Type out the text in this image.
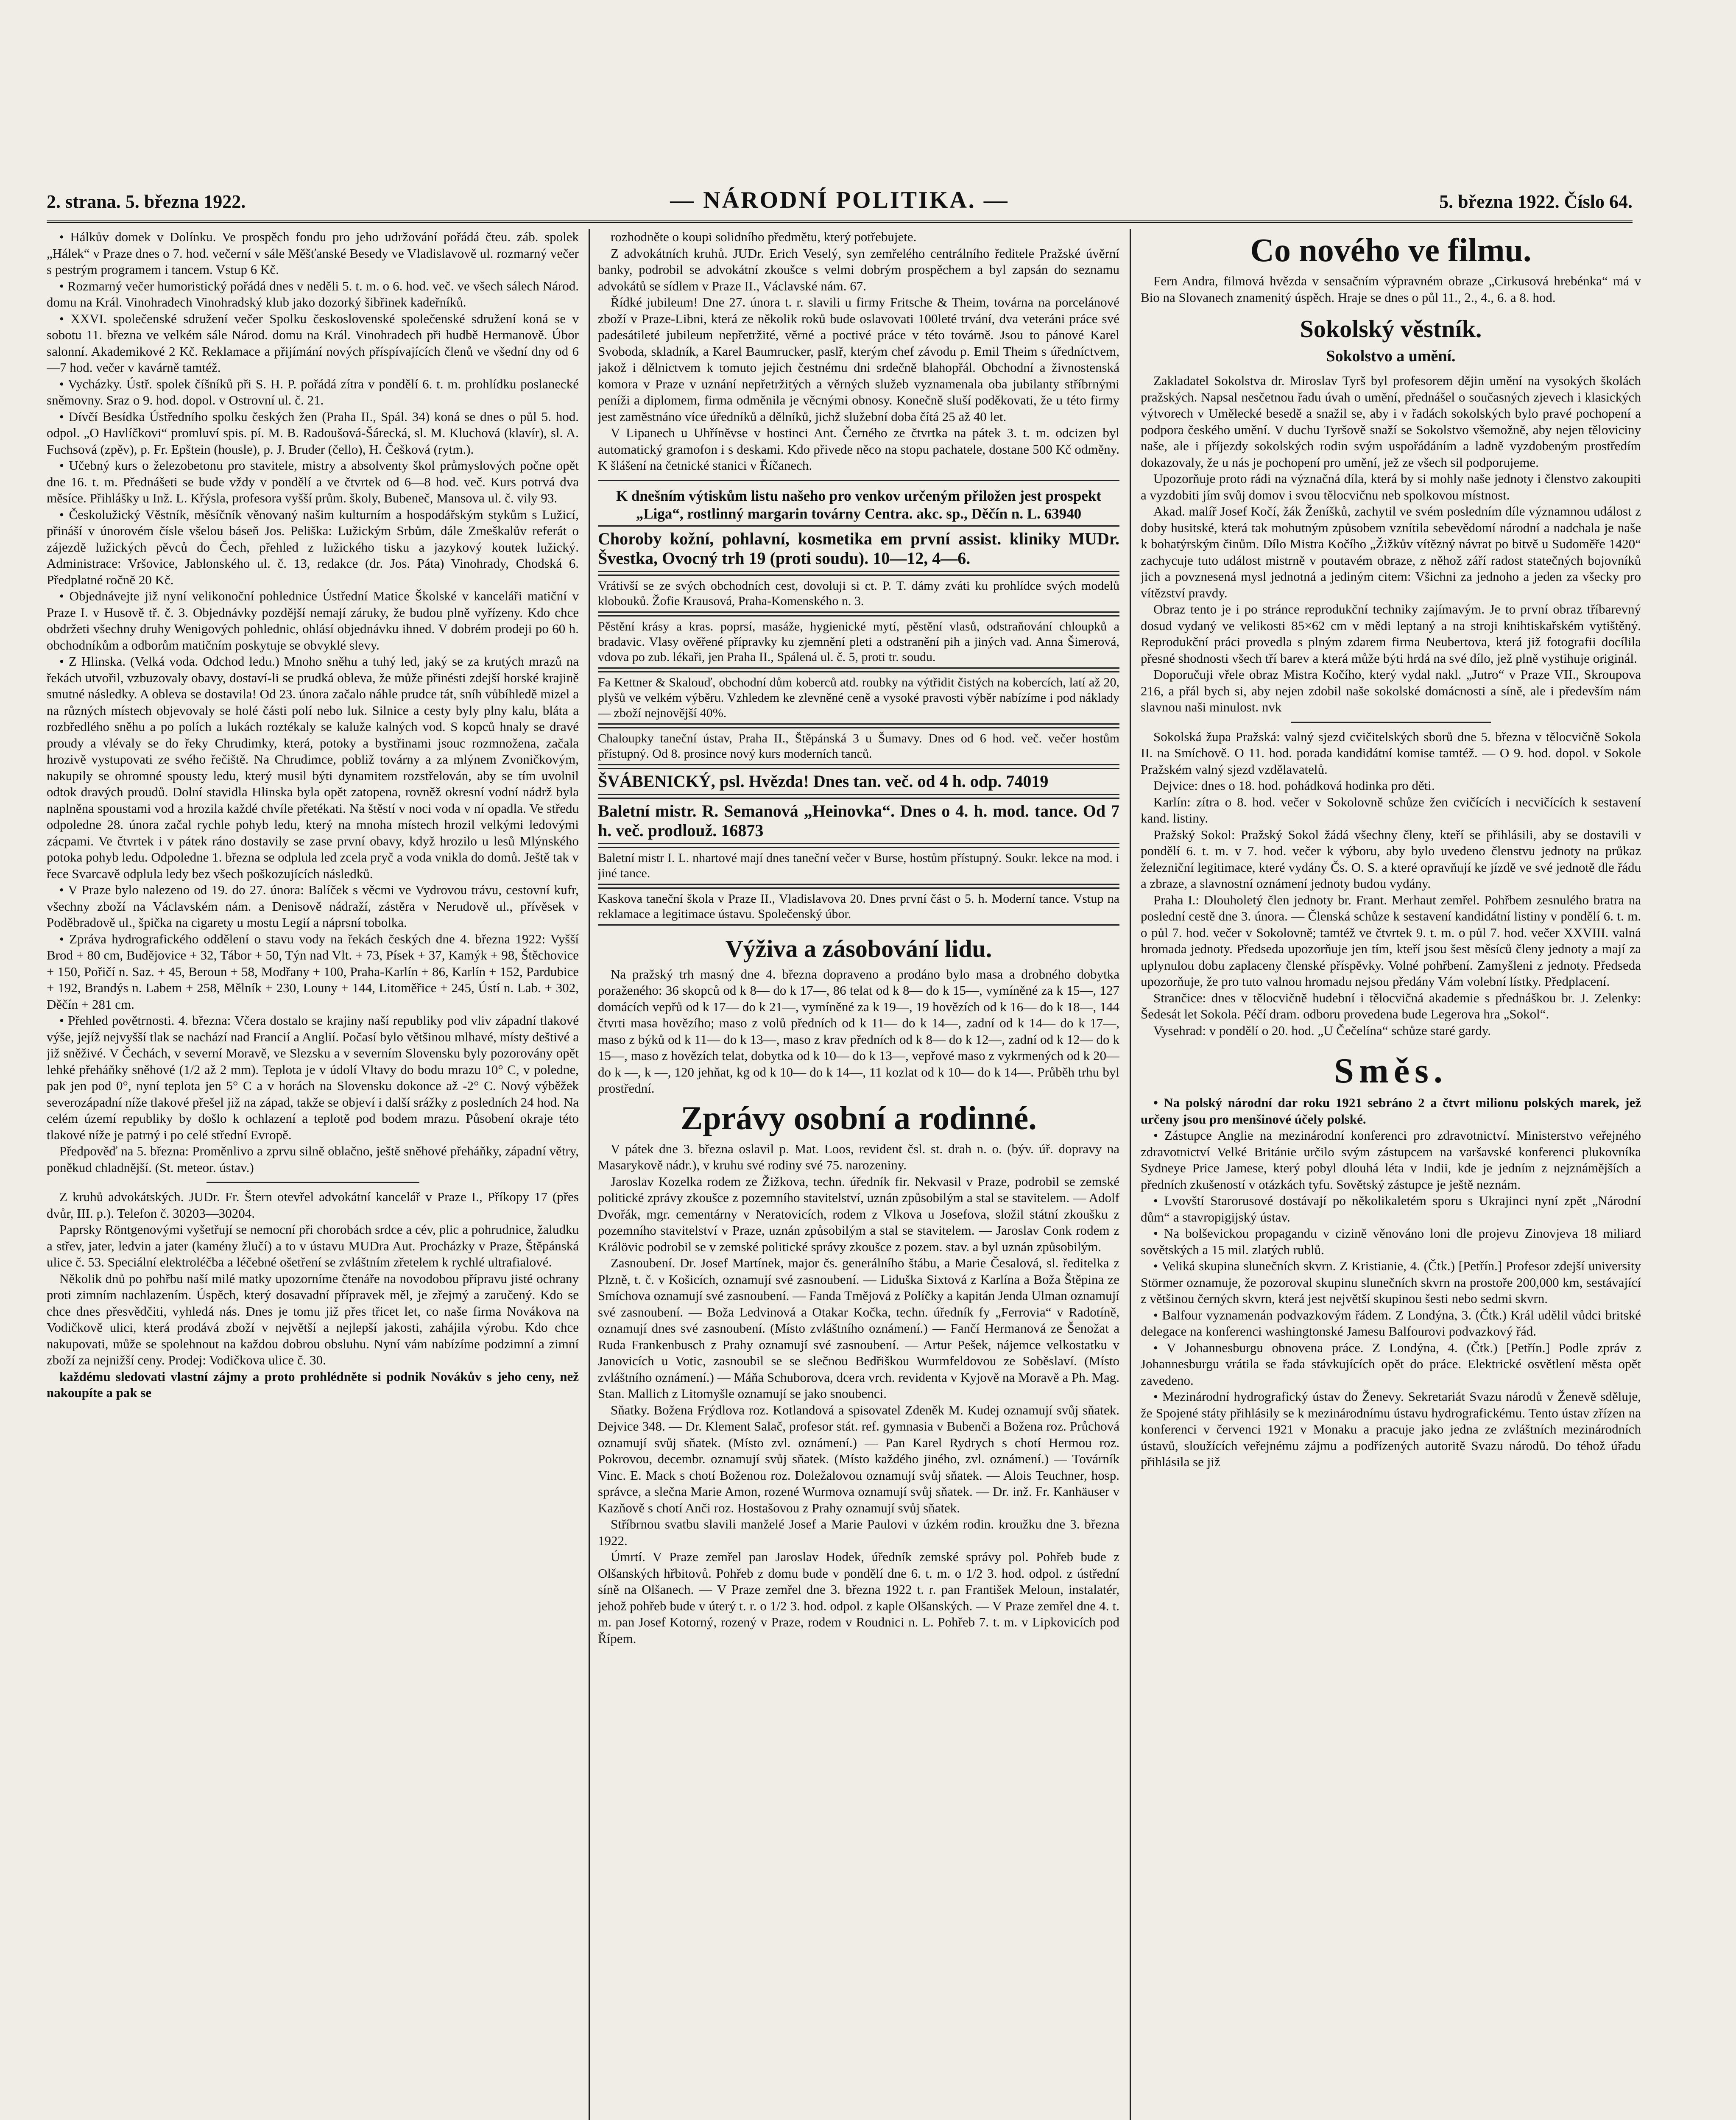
2. strana. 5. března 1922.	— NÁRODNÍ POLITIKA. —	5. března 1922. Číslo 64.

• Hálkův domek v Dolínku. Ve prospěch fondu pro jeho udržování pořádá čteu. záb. spolek „Hálek“ v Praze dnes o 7. hod. večerní v sále Měšťanské Besedy ve Vladislavově ul. rozmarný večer s pestrým programem i tancem. Vstup 6 Kč.

• Rozmarný večer humoristický pořádá dnes v neděli 5. t. m. o 6. hod. več. ve všech sálech Národ. domu na Král. Vinohradech Vinohradský klub jako dozorký šibřinek kadeřníků.

• XXVI. společenské sdružení večer Spolku československé společenské sdružení koná se v sobotu 11. března ve velkém sále Národ. domu na Král. Vinohradech při hudbě Hermanově. Úbor salonní. Akademikové 2 Kč. Reklamace a přijímání nových příspívajících členů ve všední dny od 6—7 hod. večer v kavárně tamtéž.

• Vycházky. Ústř. spolek číšníků při S. H. P. pořádá zítra v pondělí 6. t. m. prohlídku poslanecké sněmovny. Sraz o 9. hod. dopol. v Ostrovní ul. č. 21.

• Dívčí Besídka Ústředního spolku českých žen (Praha II., Spál. 34) koná se dnes o půl 5. hod. odpol. „O Havlíčkovi“ promluví spis. pí. M. B. Radoušová-Šárecká, sl. M. Kluchová (klavír), sl. A. Fuchsová (zpěv), p. Fr. Epštein (housle), p. J. Bruder (čello), H. Češková (rytm.).

• Učebný kurs o železobetonu pro stavitele, mistry a absolventy škol průmyslových počne opět dne 16. t. m. Přednášeti se bude vždy v pondělí a ve čtvrtek od 6—8 hod. več. Kurs potrvá dva měsíce. Přihlášky u Inž. L. Křýsla, profesora vyšší prům. školy, Bubeneč, Mansova ul. č. vily 93.

• Českolužický Věstník, měsíčník věnovaný našim kulturním a hospodářským stykům s Lužicí, přináší v únorovém čísle všelou báseň Jos. Peliška: Lužickým Srbům, dále Zmeškalův referát o zájezdě lužických pěvců do Čech, přehled z lužického tisku a jazykový koutek lužický. Administrace: Vršovice, Jablonského ul. č. 13, redakce (dr. Jos. Páta) Vinohrady, Chodská 6. Předplatné ročně 20 Kč.

• Objednávejte již nyní velikonoční pohlednice Ústřední Matice Školské v kanceláři matiční v Praze I. v Husově tř. č. 3. Objednávky pozdější nemají záruky, že budou plně vyřízeny. Kdo chce obdržeti všechny druhy Wenigových pohlednic, ohlásí objednávku ihned. V dobrém prodeji po 60 h. obchodníkům a odborům matičním poskytuje se obvyklé slevy.

• Z Hlinska. (Velká voda. Odchod ledu.) Mnoho sněhu a tuhý led, jaký se za krutých mrazů na řekách utvořil, vzbuzovaly obavy, dostaví-li se prudká obleva, že může přinésti zdejší horské krajině smutné následky. A obleva se dostavila! Od 23. února začalo náhle prudce tát, sníh vůbíhledě mizel a na různých místech objevovaly se holé části polí nebo luk. Silnice a cesty byly plny kalu, bláta a rozbředlého sněhu a po polích a lukách roztékaly se kaluže kalných vod. S kopců hnaly se dravé proudy a vlévaly se do řeky Chrudimky, která, potoky a bystřinami jsouc rozmnožena, začala hrozivě vystupovati ze svého řečiště. Na Chrudimce, pobliž továrny a za mlýnem Zvoničkovým, nakupily se ohromné spousty ledu, který musil býti dynamitem rozstřelován, aby se tím uvolnil odtok dravých proudů. Dolní stavidla Hlinska byla opět zatopena, rovněž okresní vodní nádrž byla naplněna spoustami vod a hrozila každé chvíle přetékati. Na štěstí v noci voda v ní opadla. Ve středu odpoledne 28. února začal rychle pohyb ledu, který na mnoha místech hrozil velkými ledovými zácpami. Ve čtvrtek i v pátek ráno dostavily se zase první obavy, když hrozilo u lesů Mlýnského potoka pohyb ledu. Odpoledne 1. března se odplula led zcela pryč a voda vnikla do domů. Ještě tak v řece Svarcavě odplula ledy bez všech poškozujících následků.

• V Praze bylo nalezeno od 19. do 27. února: Balíček s věcmi ve Vydrovou trávu, cestovní kufr, všechny zboží na Václavském nám. a Denisově nádraží, zástěra v Nerudově ul., přívěsek v Poděbradově ul., špička na cigarety u mostu Legií a náprsní tobolka.

• Zpráva hydrografického oddělení o stavu vody na řekách českých dne 4. března 1922: Vyšší Brod + 80 cm, Budějovice + 32, Tábor + 50, Týn nad Vlt. + 73, Písek + 37, Kamýk + 98, Štěchovice + 150, Pořičí n. Saz. + 45, Beroun + 58, Modřany + 100, Praha-Karlín + 86, Karlín + 152, Pardubice + 192, Brandýs n. Labem + 258, Mělník + 230, Louny + 144, Litoměřice + 245, Ústí n. Lab. + 302, Děčín + 281 cm.

• Přehled povětrnosti. 4. března: Včera dostalo se krajiny naší republiky pod vliv západní tlakové výše, jejíž nejvyšší tlak se nachází nad Francií a Anglií. Počasí bylo většinou mlhavé, místy deštivé a již sněživé. V Čechách, v severní Moravě, ve Slezsku a v severním Slovensku byly pozorovány opět lehké přeháňky sněhové (1/2 až 2 mm). Teplota je v údolí Vltavy do bodu mrazu 10° C, v poledne, pak jen pod 0°, nyní teplota jen 5° C a v horách na Slovensku dokonce až -2° C. Nový výběžek severozápadní níže tlakové přešel již na západ, takže se objeví i další srážky z posledních 24 hod. Na celém území republiky by došlo k ochlazení a teplotě pod bodem mrazu. Působení okraje této tlakové níže je patrný i po celé střední Evropě.

Předpověď na 5. března: Proměnlivo a zprvu silně oblačno, ještě sněhové přeháňky, západní větry, poněkud chladnější. (St. meteor. ústav.)

Z kruhů advokátských. JUDr. Fr. Štern otevřel advokátní kancelář v Praze I., Příkopy 17 (přes dvůr, III. p.). Telefon č. 30203—30204.

Paprsky Röntgenovými vyšetřují se nemocní při chorobách srdce a cév, plic a pohrudnice, žaludku a střev, jater, ledvin a jater (kamény žlučí) a to v ústavu MUDra Aut. Procházky v Praze, Štěpánská ulice č. 53. Speciální elektroléčba a léčebné ošetření se zvláštním zřetelem k rychlé ultrafialové.

Několik dnů po pohřbu naší milé matky upozorníme čtenáře na novodobou přípravu jisté ochrany proti zimním nachlazením. Úspěch, který dosavadní přípravek měl, je zřejmý a zaručený. Kdo se chce dnes přesvědčiti, vyhledá nás. Dnes je tomu již přes třicet let, co naše firma Novákova na Vodičkově ulici, která prodává zboží v největší a nejlepší jakosti, zahájila výrobu. Kdo chce nakupovati, může se spolehnout na každou dobrou obsluhu. Nyní vám nabízíme podzimní a zimní zboží za nejnižší ceny. Prodej: Vodičkova ulice č. 30.

každému sledovati vlastní zájmy a proto prohlédněte si podnik Novákův s jeho ceny, než nakoupíte a pak se

rozhodněte o koupi solidního předmětu, který potřebujete.

Z advokátních kruhů. JUDr. Erich Veselý, syn zemřelého centrálního ředitele Pražské úvěrní banky, podrobil se advokátní zkoušce s velmi dobrým prospěchem a byl zapsán do seznamu advokátů se sídlem v Praze II., Václavské nám. 67.

Řídké jubileum! Dne 27. února t. r. slavili u firmy Fritsche & Theim, továrna na porcelánové zboží v Praze-Libni, která ze několik roků bude oslavovati 100leté trvání, dva veteráni práce své padesátileté jubileum nepřetržité, věrné a poctivé práce v této továrně. Jsou to pánové Karel Svoboda, skladník, a Karel Baumrucker, paslř, kterým chef závodu p. Emil Theim s úředníctvem, jakož i dělnictvem k tomuto jejich čestnému dni srdečně blahopřál. Obchodní a živnostenská komora v Praze v uznání nepřetržitých a věrných služeb vyznamenala oba jubilanty stříbrnými peníži a diplomem, firma odměnila je věcnými obnosy. Konečně sluší poděkovati, že u této firmy jest zaměstnáno více úředníků a dělníků, jichž služební doba čítá 25 až 40 let.

V Lipanech u Uhříněvse v hostinci Ant. Černého ze čtvrtka na pátek 3. t. m. odcizen byl automatický gramofon i s deskami. Kdo přivede něco na stopu pachatele, dostane 500 Kč odměny. K šlášení na četnické stanici v Říčanech.

K dnešním výtiskům listu našeho pro venkov určeným přiložen jest prospekt „Liga“, rostlinný margarin továrny Centra. akc. sp., Děčín n. L. 63940

Choroby kožní, pohlavní, kosmetika em první assist. kliniky MUDr. Švestka, Ovocný trh 19 (proti soudu). 10—12, 4—6.
Vrátivší se ze svých obchodních cest, dovoluji si ct. P. T. dámy zváti ku prohlídce svých modelů klobouků. Žofie Krausová, Praha-Komenského n. 3.
Pěstění krásy a kras. poprsí, masáže, hygienické mytí, pěstění vlasů, odstraňování chloupků a bradavic. Vlasy ověřené přípravky ku zjemnění pleti a odstranění pih a jiných vad. Anna Šimerová, vdova po zub. lékaři, jen Praha II., Spálená ul. č. 5, proti tr. soudu.
Fa Kettner & Skalouď, obchodní dům koberců atd. roubky na výtřidit čistých na kobercích, latí až 20, plyšů ve velkém výběru. Vzhledem ke zlevněné ceně a vysoké pravosti výběr nabízíme i pod náklady — zboží nejnovější 40%.
Chaloupky taneční ústav, Praha II., Štěpánská 3 u Šumavy. Dnes od 6 hod. več. večer hostům přístupný. Od 8. prosince nový kurs moderních tanců.
ŠVÁBENICKÝ, psl. Hvězda! Dnes tan. več. od 4 h. odp. 74019
Baletní mistr. R. Semanová „Heinovka“. Dnes o 4. h. mod. tance. Od 7 h. več. prodlouž. 16873
Baletní mistr I. L. nhartové mají dnes taneční večer v Burse, hostům přístupný. Soukr. lekce na mod. i jiné tance.
Kaskova taneční škola v Praze II., Vladislavova 20. Dnes první část o 5. h. Moderní tance. Vstup na reklamace a legitimace ústavu. Společenský úbor.
Výživa a zásobování lidu.

Na pražský trh masný dne 4. března dopraveno a prodáno bylo masa a drobného dobytka poraženého: 36 skopců od k 8— do k 17—, 86 telat od k 8— do k 15—, vymíněné za k 15—, 127 domácích vepřů od k 17— do k 21—, vymíněné za k 19—, 19 hovězích od k 16— do k 18—, 144 čtvrti masa hovězího; maso z volů předních od k 11— do k 14—, zadní od k 14— do k 17—, maso z býků od k 11— do k 13—, maso z krav předních od k 8— do k 12—, zadní od k 12— do k 15—, maso z hovězích telat, dobytka od k 10— do k 13—, vepřové maso z vykrmených od k 20— do k —, k —, 120 jehňat, kg od k 10— do k 14—, 11 kozlat od k 10— do k 14—. Průběh trhu byl prostřední.

Zprávy osobní a rodinné.

V pátek dne 3. března oslavil p. Mat. Loos, revident čsl. st. drah n. o. (býv. úř. dopravy na Masarykově nádr.), v kruhu své rodiny své 75. narozeniny.

Jaroslav Kozelka rodem ze Žižkova, techn. úředník fir. Nekvasil v Praze, podrobil se zemské politické zprávy zkoušce z pozemního stavitelství, uznán způsobilým a stal se stavitelem. — Adolf Dvořák, mgr. cementárny v Neratovicích, rodem z Vlkova u Josefova, složil státní zkoušku z pozemního stavitelství v Praze, uznán způsobilým a stal se stavitelem. — Jaroslav Conk rodem z Králövic podrobil se v zemské politické správy zkoušce z pozem. stav. a byl uznán způsobilým.

Zasnoubení. Dr. Josef Martínek, major čs. generálního štábu, a Marie Česalová, sl. ředitelka z Plzně, t. č. v Košicích, oznamují své zasnoubení. — Liduška Sixtová z Karlína a Boža Štěpina ze Smíchova oznamují své zasnoubení. — Fanda Tmějová z Políčky a kapitán Jenda Ulman oznamují své zasnoubení. — Boža Ledvinová a Otakar Kočka, techn. úředník fy „Ferrovia“ v Radotíně, oznamují dnes své zasnoubení. (Místo zvláštního oznámení.) — Fančí Hermanová ze Šenožat a Ruda Frankenbusch z Prahy oznamují své zasnoubení. — Artur Pešek, nájemce velkostatku v Janovicích u Votic, zasnoubil se se slečnou Bedřiškou Wurmfeldovou ze Soběslaví. (Místo zvláštního oznámení.) — Máňa Schuborova, dcera vrch. revidenta v Kyjově na Moravě a Ph. Mag. Stan. Mallich z Litomyšle oznamují se jako snoubenci.

Sňatky. Božena Frýdlova roz. Kotlandová a spisovatel Zdeněk M. Kudej oznamují svůj sňatek. Dejvice 348. — Dr. Klement Salač, profesor stát. ref. gymnasia v Bubenči a Božena roz. Průchová oznamují svůj sňatek. (Místo zvl. oznámení.) — Pan Karel Rydrych s chotí Hermou roz. Pokrovou, decembr. oznamují svůj sňatek. (Místo každého jiného, zvl. oznámení.) — Továrník Vinc. E. Mack s chotí Boženou roz. Doležalovou oznamují svůj sňatek. — Alois Teuchner, hosp. správce, a slečna Marie Amon, rozené Wurmova oznamují svůj sňatek. — Dr. inž. Fr. Kanhäuser v Kazňově s chotí Anči roz. Hostašovou z Prahy oznamují svůj sňatek.

Stříbrnou svatbu slavili manželé Josef a Marie Paulovi v úzkém rodin. kroužku dne 3. března 1922.

Úmrtí. V Praze zemřel pan Jaroslav Hodek, úředník zemské správy pol. Pohřeb bude z Olšanských hřbitovů. Pohřeb z domu bude v pondělí dne 6. t. m. o 1/2 3. hod. odpol. z ústřední síně na Olšanech. — V Praze zemřel dne 3. března 1922 t. r. pan František Meloun, instalatér, jehož pohřeb bude v úterý t. r. o 1/2 3. hod. odpol. z kaple Olšanských. — V Praze zemřel dne 4. t. m. pan Josef Kotorný, rozený v Praze, rodem v Roudnici n. L. Pohřeb 7. t. m. v Lipkovicích pod Řípem.

Co nového ve filmu.

Fern Andra, filmová hvězda v sensačním výpravném obraze „Cirkusová hrebénka“ má v Bio na Slovanech znamenitý úspěch. Hraje se dnes o půl 11., 2., 4., 6. a 8. hod.

Sokolský věstník.
Sokolstvo a umění.

Zakladatel Sokolstva dr. Miroslav Tyrš byl profesorem dějin umění na vysokých školách pražských. Napsal nesčetnou řadu úvah o umění, přednášel o současných zjevech i klasických výtvorech v Umělecké besedě a snažil se, aby i v řadách sokolských bylo pravé pochopení a podpora českého umění. V duchu Tyršově snaží se Sokolstvo všemožně, aby nejen těloviciny naše, ale i příjezdy sokolských rodin svým uspořádáním a ladně vyzdobeným prostředím dokazovaly, že u nás je pochopení pro umění, jež ze všech sil podporujeme.

Upozorňuje proto rádi na význačná díla, která by si mohly naše jednoty i členstvo zakoupiti a vyzdobiti jím svůj domov i svou tělocvičnu neb spolkovou místnost.

Akad. malíř Josef Kočí, žák Ženíšků, zachytil ve svém posledním díle významnou událost z doby husitské, která tak mohutným způsobem vznítila sebevědomí národní a nadchala je naše k bohatýrským činům. Dílo Mistra Kočího „Žižkův vítězný návrat po bitvě u Sudoměře 1420“ zachycuje tuto událost mistrně v poutavém obraze, z něhož září radost statečných bojovníků jich a povznesená mysl jednotná a jediným citem: Všichni za jednoho a jeden za všecky pro vítězství pravdy.

Obraz tento je i po stránce reprodukční techniky zajímavým. Je to první obraz tříbarevný dosud vydaný ve velikosti 85×62 cm v mědi leptaný a na stroji knihtiskařském vytištěný. Reprodukční práci provedla s plným zdarem firma Neubertova, která již fotografii docílila přesné shodnosti všech tří barev a která může býti hrdá na své dílo, jež plně vystihuje originál.

Doporučuji vřele obraz Mistra Kočího, který vydal nakl. „Jutro“ v Praze VII., Skroupova 216, a přál bych si, aby nejen zdobil naše sokolské domácnosti a síně, ale i především nám slavnou naši minulost. nvk

Sokolská župa Pražská: valný sjezd cvičitelských sborů dne 5. března v tělocvičně Sokola II. na Smíchově. O 11. hod. porada kandidátní komise tamtéž. — O 9. hod. dopol. v Sokole Pražském valný sjezd vzdělavatelů.

Dejvice: dnes o 18. hod. pohádková hodinka pro děti.

Karlín: zítra o 8. hod. večer v Sokolovně schůze žen cvičících i necvičících k sestavení kand. listiny.

Pražský Sokol: Pražský Sokol žádá všechny členy, kteří se přihlásili, aby se dostavili v pondělí 6. t. m. v 7. hod. večer k výboru, aby bylo uvedeno členstvu jednoty na průkaz železniční legitimace, které vydány Čs. O. S. a které opravňují ke jízdě ve své jednotě dle řádu a zbraze, a slavnostní oznámení jednoty budou vydány.

Praha I.: Dlouholetý člen jednoty br. Frant. Merhaut zemřel. Pohřbem zesnulého bratra na poslední cestě dne 3. února. — Členská schůze k sestavení kandidátní listiny v pondělí 6. t. m. o půl 7. hod. večer v Sokolovně; tamtéž ve čtvrtek 9. t. m. o půl 7. hod. večer XXVIII. valná hromada jednoty. Předseda upozorňuje jen tím, kteří jsou šest měsíců členy jednoty a mají za uplynulou dobu zaplaceny členské příspěvky. Volné pohřbení. Zamyšleni z jednoty. Předseda upozorňuje, že pro tuto valnou hromadu nejsou předány Vám volební lístky. Předplacení.

Strančice: dnes v tělocvičně hudební i tělocvičná akademie s přednáškou br. J. Zelenky: Šedesát let Sokola. Péčí dram. odboru provedena bude Legerova hra „Sokol“.

Vysehrad: v pondělí o 20. hod. „U Čečelína“ schůze staré gardy.

Směs.

• Na polský národní dar roku 1921 sebráno 2 a čtvrt milionu polských marek, jež určeny jsou pro menšinové účely polské.

• Zástupce Anglie na mezinárodní konferenci pro zdravotnictví. Ministerstvo veřejného zdravotnictví Velké Británie určilo svým zástupcem na varšavské konferenci plukovníka Sydneye Price Jamese, který pobyl dlouhá léta v Indii, kde je jedním z nejznámějších a předních zkušeností v otázkách tyfu. Sovětský zástupce je ještě neznám.

• Lvovští Starorusové dostávají po několikaletém sporu s Ukrajinci nyní zpět „Národní dům“ a stavropigijský ústav.

• Na bolševickou propagandu v cizině věnováno loni dle projevu Zinovjeva 18 miliard sovětských a 15 mil. zlatých rublů.

• Veliká skupina slunečních skvrn. Z Kristianie, 4. (Čtk.) [Petřín.] Profesor zdejší university Störmer oznamuje, že pozoroval skupinu slunečních skvrn na prostoře 200,000 km, sestávající z většinou černých skvrn, která jest největší skupinou šesti nebo sedmi skvrn.

• Balfour vyznamenán podvazkovým řádem. Z Londýna, 3. (Čtk.) Král udělil vůdci britské delegace na konferenci washingtonské Jamesu Balfourovi podvazkový řád.

• V Johannesburgu obnovena práce. Z Londýna, 4. (Čtk.) [Petřín.] Podle zpráv z Johannesburgu vrátila se řada stávkujících opět do práce. Elektrické osvětlení města opět zavedeno.

• Mezinárodní hydrografický ústav do Ženevy. Sekretariát Svazu národů v Ženevě sděluje, že Spojené státy přihlásily se k mezinárodnímu ústavu hydrografickému. Tento ústav zřízen na konferenci v červenci 1921 v Monaku a pracuje jako jedna ze zvláštních mezinárodních ústavů, sloužících veřejnému zájmu a podřízených autoritě Svazu národů. Do téhož úřadu přihlásila se již
